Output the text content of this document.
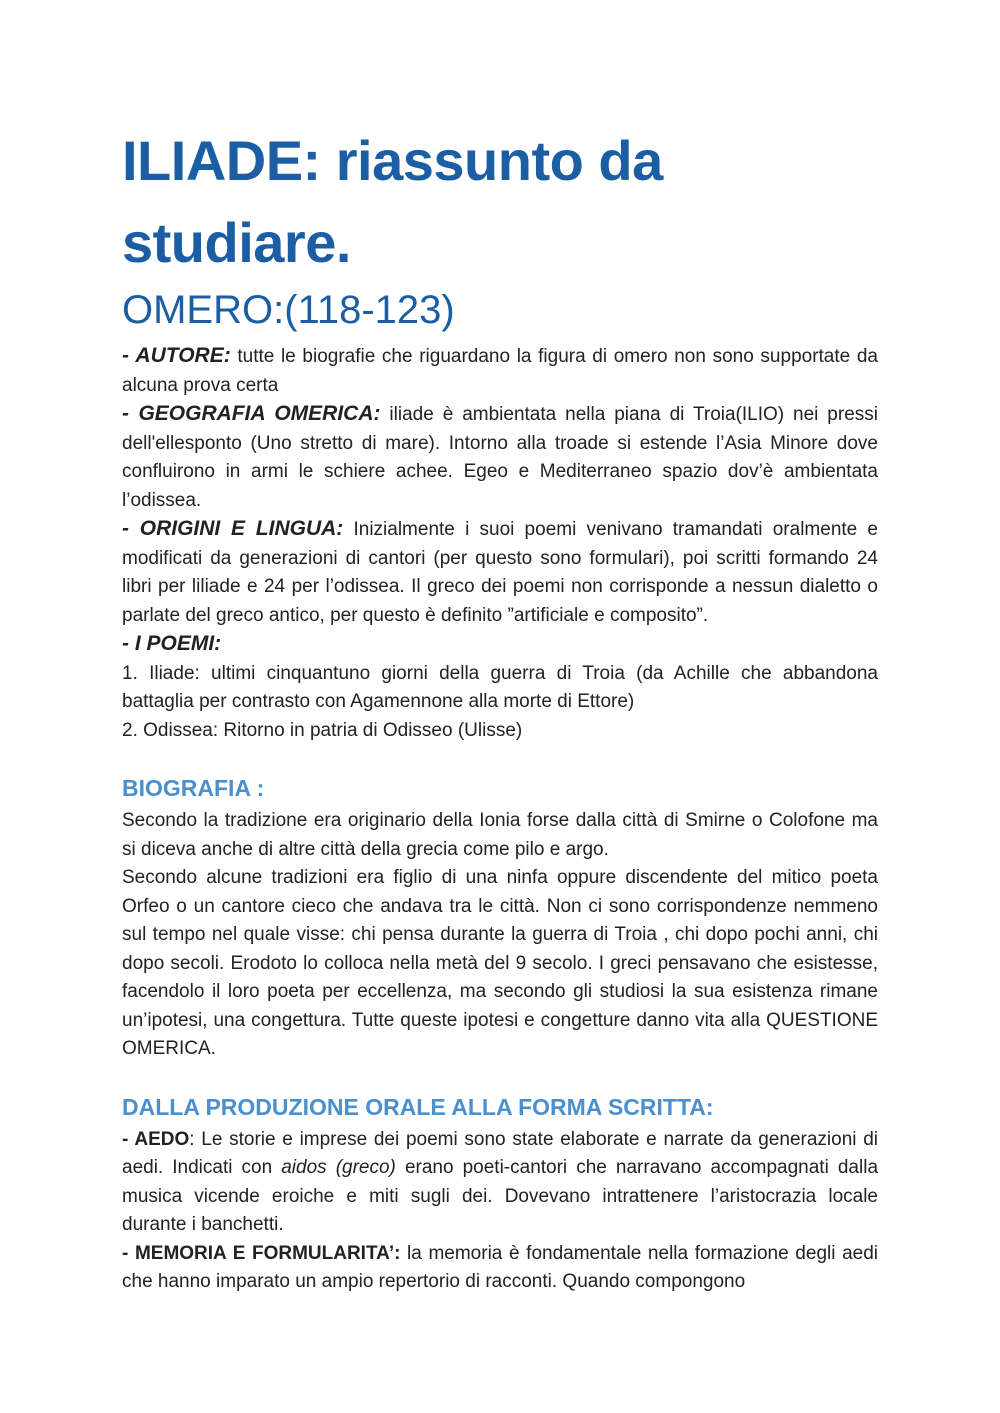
ILIADE: riassunto da studiare.
OMERO:(118-123)

- AUTORE: tutte le biografie che riguardano la figura di omero non sono supportate da alcuna prova certa

- GEOGRAFIA OMERICA: iliade è ambientata nella piana di Troia(ILIO) nei pressi dell'ellesponto (Uno stretto di mare). Intorno alla troade si estende l’Asia Minore dove confluirono in armi le schiere achee. Egeo e Mediterraneo spazio dov’è ambientata l’odissea.

- ORIGINI E LINGUA: Inizialmente i suoi poemi venivano tramandati oralmente e modificati da generazioni di cantori (per questo sono formulari), poi scritti formando 24 libri per liliade e 24 per l’odissea. Il greco dei poemi non corrisponde a nessun dialetto o parlate del greco antico, per questo è definito ”artificiale e composito”.

- I POEMI:

1. Iliade: ultimi cinquantuno giorni della guerra di Troia (da Achille che abbandona battaglia per contrasto con Agamennone alla morte di Ettore)

2. Odissea: Ritorno in patria di Odisseo (Ulisse)

BIOGRAFIA :

Secondo la tradizione era originario della Ionia forse dalla città di Smirne o Colofone ma si diceva anche di altre città della grecia come pilo e argo.

Secondo alcune tradizioni era figlio di una ninfa oppure discendente del mitico poeta Orfeo o un cantore cieco che andava tra le città. Non ci sono corrispondenze nemmeno sul tempo nel quale visse: chi pensa durante la guerra di Troia , chi dopo pochi anni, chi dopo secoli. Erodoto lo colloca nella metà del 9 secolo. I greci pensavano che esistesse, facendolo il loro poeta per eccellenza, ma secondo gli studiosi la sua esistenza rimane un’ipotesi, una congettura. Tutte queste ipotesi e congetture danno vita alla QUESTIONE OMERICA.

DALLA PRODUZIONE ORALE ALLA FORMA SCRITTA:

- AEDO: Le storie e imprese dei poemi sono state elaborate e narrate da generazioni di aedi. Indicati con aidos (greco) erano poeti-cantori che narravano accompagnati dalla musica vicende eroiche e miti sugli dei. Dovevano intrattenere l’aristocrazia locale durante i banchetti.

- MEMORIA E FORMULARITA’: la memoria è fondamentale nella formazione degli aedi che hanno imparato un ampio repertorio di racconti. Quando compongono
